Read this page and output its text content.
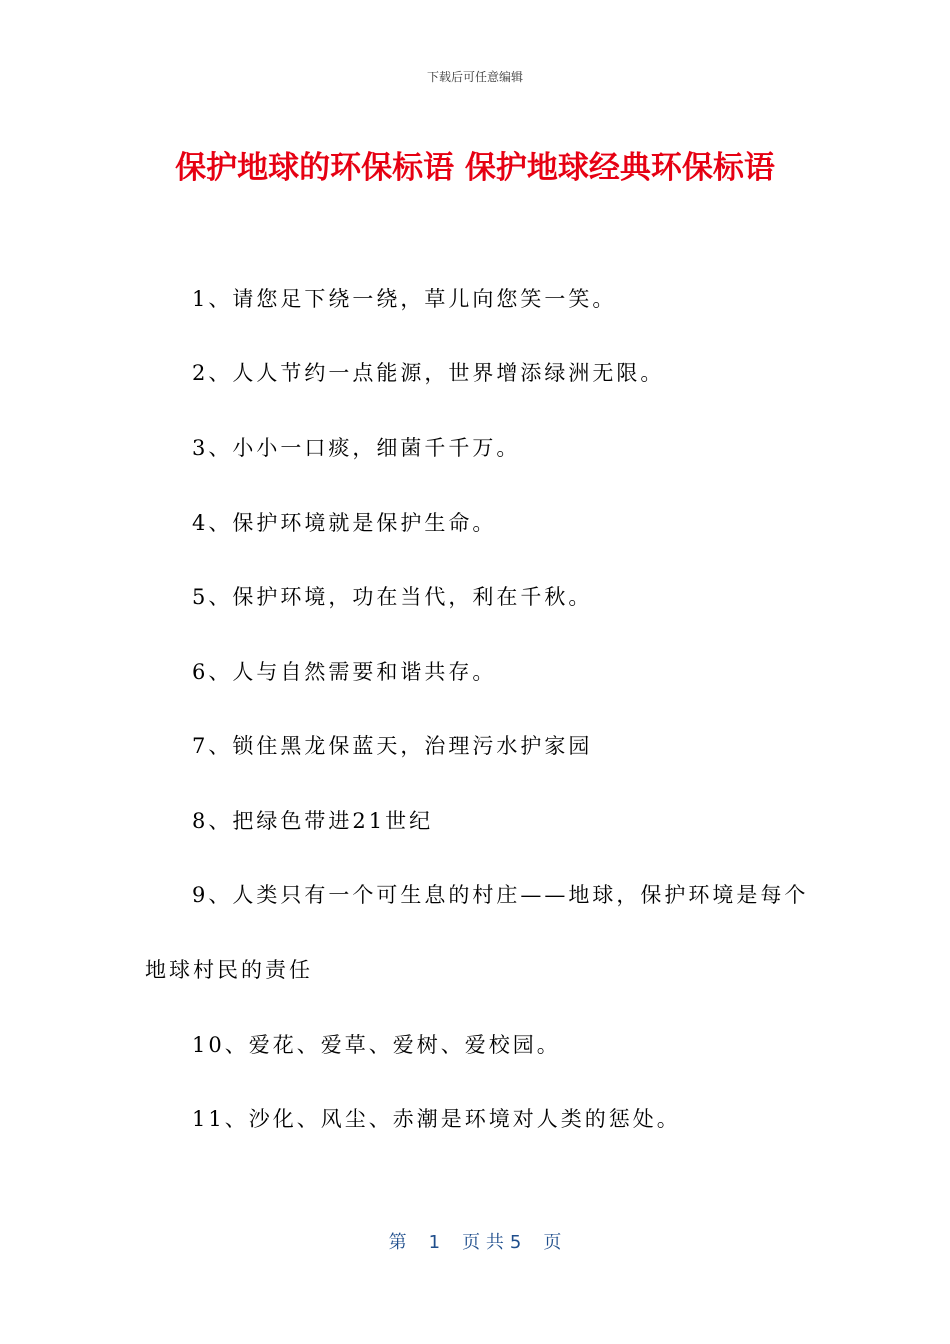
下载后可任意编辑
保护地球的环保标语 保护地球经典环保标语
1、请您足下绕一绕，草儿向您笑一笑。
2、人人节约一点能源，世界增添绿洲无限。
3、小小一口痰，细菌千千万。
4、保护环境就是保护生命。
5、保护环境，功在当代，利在千秋。
6、人与自然需要和谐共存。
7、锁住黑龙保蓝天，治理污水护家园
8、把绿色带进21世纪
9、人类只有一个可生息的村庄——地球，保护环境是每个
地球村民的责任
10、爱花、爱草、爱树、爱校园。
11、沙化、风尘、赤潮是环境对人类的惩处。
第 1 页 共 5 页
